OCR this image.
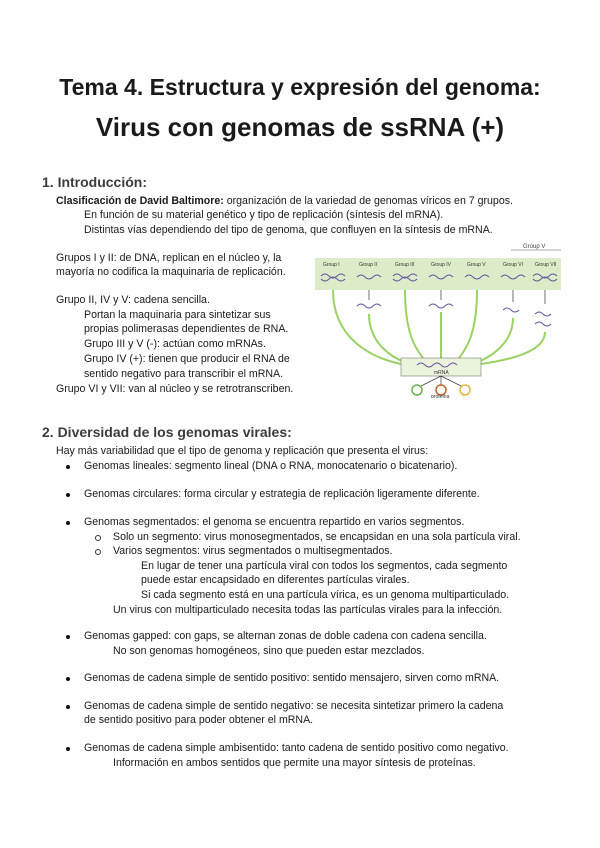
Tema 4. Estructura y expresión del genoma:
Virus con genomas de ssRNA (+)
1. Introducción:
Clasificación de David Baltimore: organización de la variedad de genomas víricos en 7 grupos.
En función de su material genético y tipo de replicación (síntesis del mRNA).
Distintas vías dependiendo del tipo de genoma, que confluyen en la síntesis de mRNA.
Grupos I y II: de DNA, replican en el núcleo y, la
mayoría no codifica la maquinaria de replicación.
Grupo II, IV y V: cadena sencilla.
Portan la maquinaria para sintetizar sus
propias polimerasas dependientes de RNA.
Grupo III y V (-): actúan como mRNAs.
Grupo IV (+): tienen que producir el RNA de
sentido negativo para transcribir el mRNA.
Grupo VI y VII: van al núcleo y se retrotranscriben.
Group V
Group I	Group II	Group III	Group IV	Group V	Group VI Group VII
mRNA
proteína
2. Diversidad de los genomas virales:
Hay más variabilidad que el tipo de genoma y replicación que presenta el virus:
Genomas lineales: segmento lineal (DNA o RNA, monocatenario o bicatenario).
Genomas circulares: forma circular y estrategia de replicación ligeramente diferente.
Genomas segmentados: el genoma se encuentra repartido en varios segmentos.
Solo un segmento: virus monosegmentados, se encapsidan en una sola partícula viral.
Varios segmentos: virus segmentados o multisegmentados.
En lugar de tener una partícula viral con todos los segmentos, cada segmento
puede estar encapsidado en diferentes partículas virales.
Si cada segmento está en una partícula vírica, es un genoma multiparticulado.
Un virus con multiparticulado necesita todas las partículas virales para la infección.
Genomas gapped: con gaps, se alternan zonas de doble cadena con cadena sencilla.
No son genomas homogéneos, sino que pueden estar mezclados.
Genomas de cadena simple de sentido positivo: sentido mensajero, sirven como mRNA.
Genomas de cadena simple de sentido negativo: se necesita sintetizar primero la cadena
de sentido positivo para poder obtener el mRNA.
Genomas de cadena simple ambisentido: tanto cadena de sentido positivo como negativo.
Información en ambos sentidos que permite una mayor síntesis de proteínas.
